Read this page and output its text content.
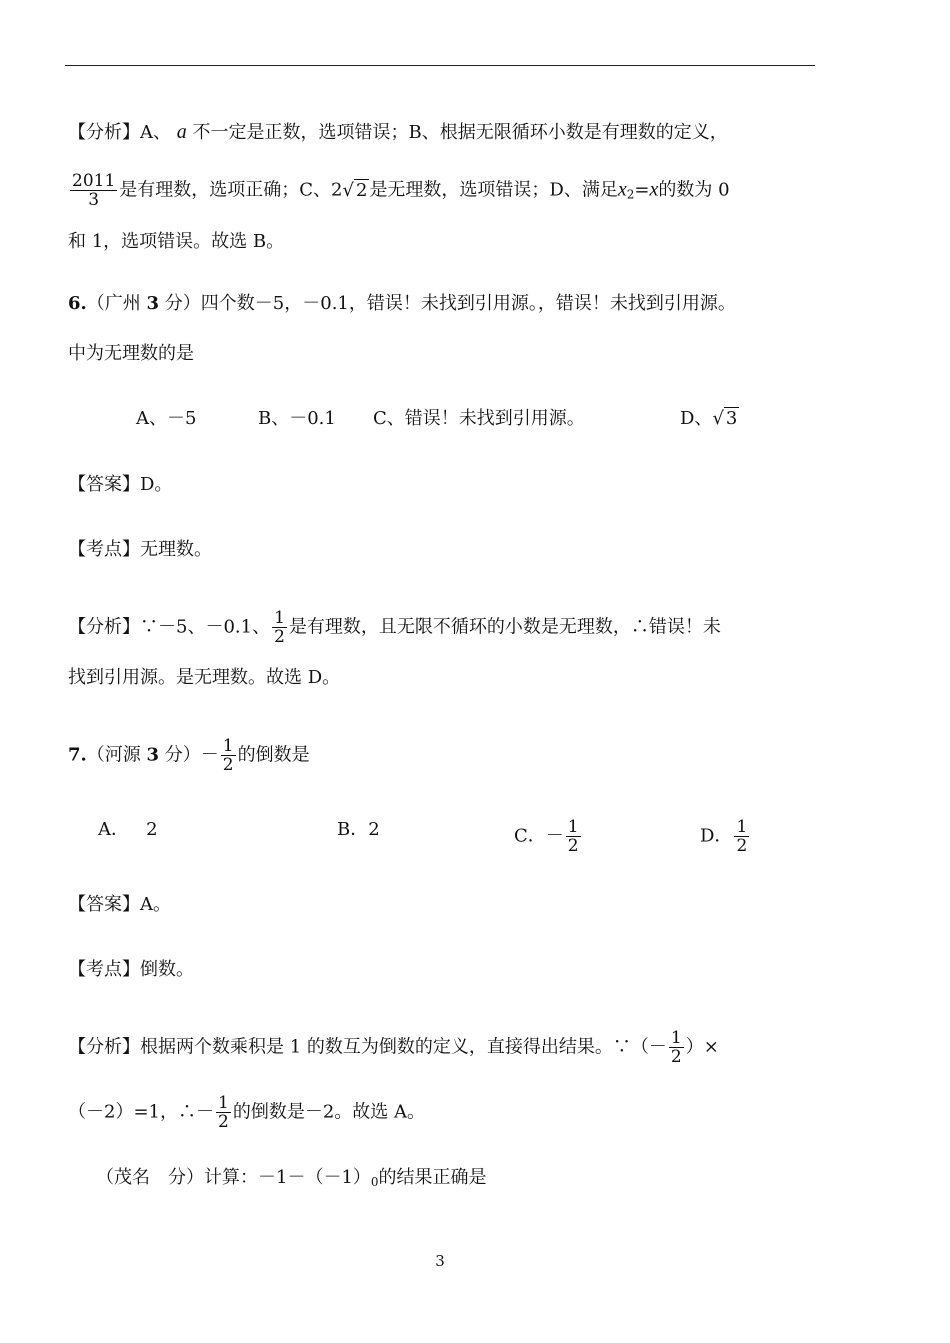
【分析】A、 a 不一定是正数，选项错误；B、根据无限循环小数是有理数的定义，
$\frac{2011}{3}$ 是有理数，选项正确；C、2√ 2 是无理数，选项错误；D、满足$x_2=x$的数为 0
和 1，选项错误。故选 B。
6.（广州 3 分）四个数－5，－0.1，错误！未找到引用源。，错误！未找到引用源。
中为无理数的是
A、－5	B、－0.1 C、错误！未找到引用源。	D、√ 3
【答案】D。
【考点】无理数。
【分析】∵－5、－0.1、 $\frac{1}{2}$ 是有理数，且无限不循环的小数是无理数，∴错误！未
找到引用源。是无理数。故选 D。
7.（河源 3 分）－ $\frac{1}{2}$ 的倒数是
A． 2	B．2	C．－ $\frac{1}{2}$	D． $\frac{1}{2}$
【答案】A。
【考点】倒数。
【分析】根据两个数乘积是 1 的数互为倒数的定义，直接得出结果。∵（－ $\frac{1}{2}$ ）×
（－2）=1，∴－ $\frac{1}{2}$ 的倒数是－2。故选 A。
（茂名　分）计算：$-1-(-1)_0$的结果正确是
3
